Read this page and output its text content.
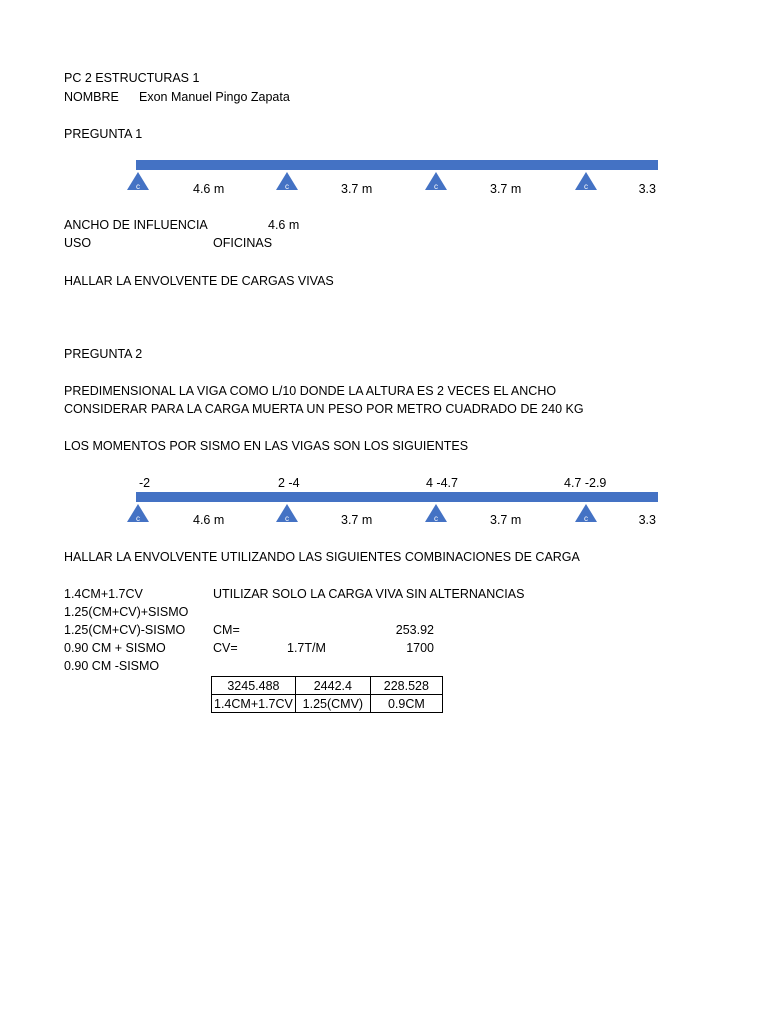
PC 2 ESTRUCTURAS 1
NOMBRE Exon Manuel Pingo Zapata
PREGUNTA 1
c	c	c	c
4.6 m	3.7 m	3.7 m	3.3
ANCHO DE INFLUENCIA	4.6 m
USO	OFICINAS
HALLAR LA ENVOLVENTE DE CARGAS VIVAS
PREGUNTA 2
PREDIMENSIONAL LA VIGA COMO L/10 DONDE LA ALTURA ES 2 VECES EL ANCHO
CONSIDERAR PARA LA CARGA MUERTA UN PESO POR METRO CUADRADO DE 240 KG
LOS MOMENTOS POR SISMO EN LAS VIGAS SON LOS SIGUIENTES
-2	2 -4	4 -4.7	4.7 -2.9
c	c	c	c
4.6 m	3.7 m	3.7 m	3.3
HALLAR LA ENVOLVENTE UTILIZANDO LAS SIGUIENTES COMBINACIONES DE CARGA
1.4CM+1.7CV
1.25(CM+CV)+SISMO
1.25(CM+CV)-SISMO
0.90 CM + SISMO
0.90 CM -SISMO
UTILIZAR SOLO LA CARGA VIVA SIN ALTERNANCIAS
CM=	253.92
CV=	1.7T/M	1700
3245.488	2442.4	228.528
1.4CM+1.7CV	1.25(CMV)	0.9CM
